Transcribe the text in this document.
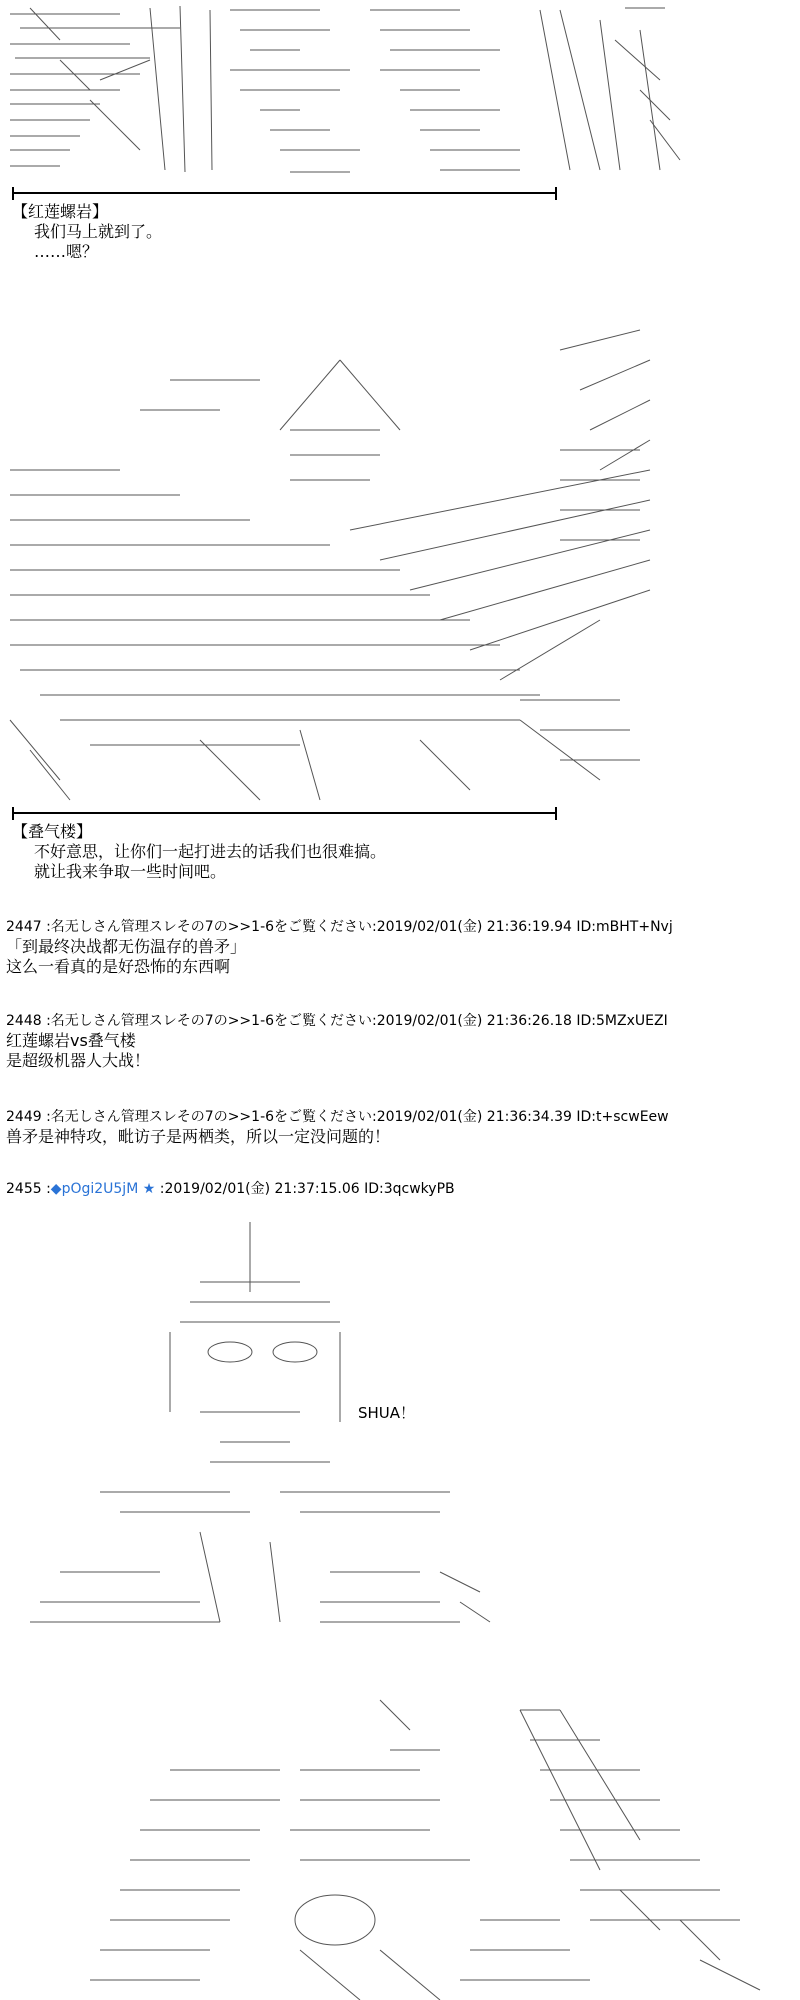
【红莲螺岩】
我们马上就到了。
……嗯？
【叠气楼】
不好意思，让你们一起打进去的话我们也很难搞。
就让我来争取一些时间吧。
2447 :名无しさん管理スレその7の>>1-6をご覧ください:2019/02/01(金) 21:36:19.94 ID:mBHT+Nvj
「到最终决战都无伤温存的兽矛」
这么一看真的是好恐怖的东西啊
2448 :名无しさん管理スレその7の>>1-6をご覧ください:2019/02/01(金) 21:36:26.18 ID:5MZxUEZI
红莲螺岩vs叠气楼
是超级机器人大战！
2449 :名无しさん管理スレその7の>>1-6をご覧ください:2019/02/01(金) 21:36:34.39 ID:t+scwEew
兽矛是神特攻，毗访子是两栖类，所以一定没问题的！
2455 :◆pOgi2U5jM ★ :2019/02/01(金) 21:37:15.06 ID:3qcwkyPB
SHUA！
